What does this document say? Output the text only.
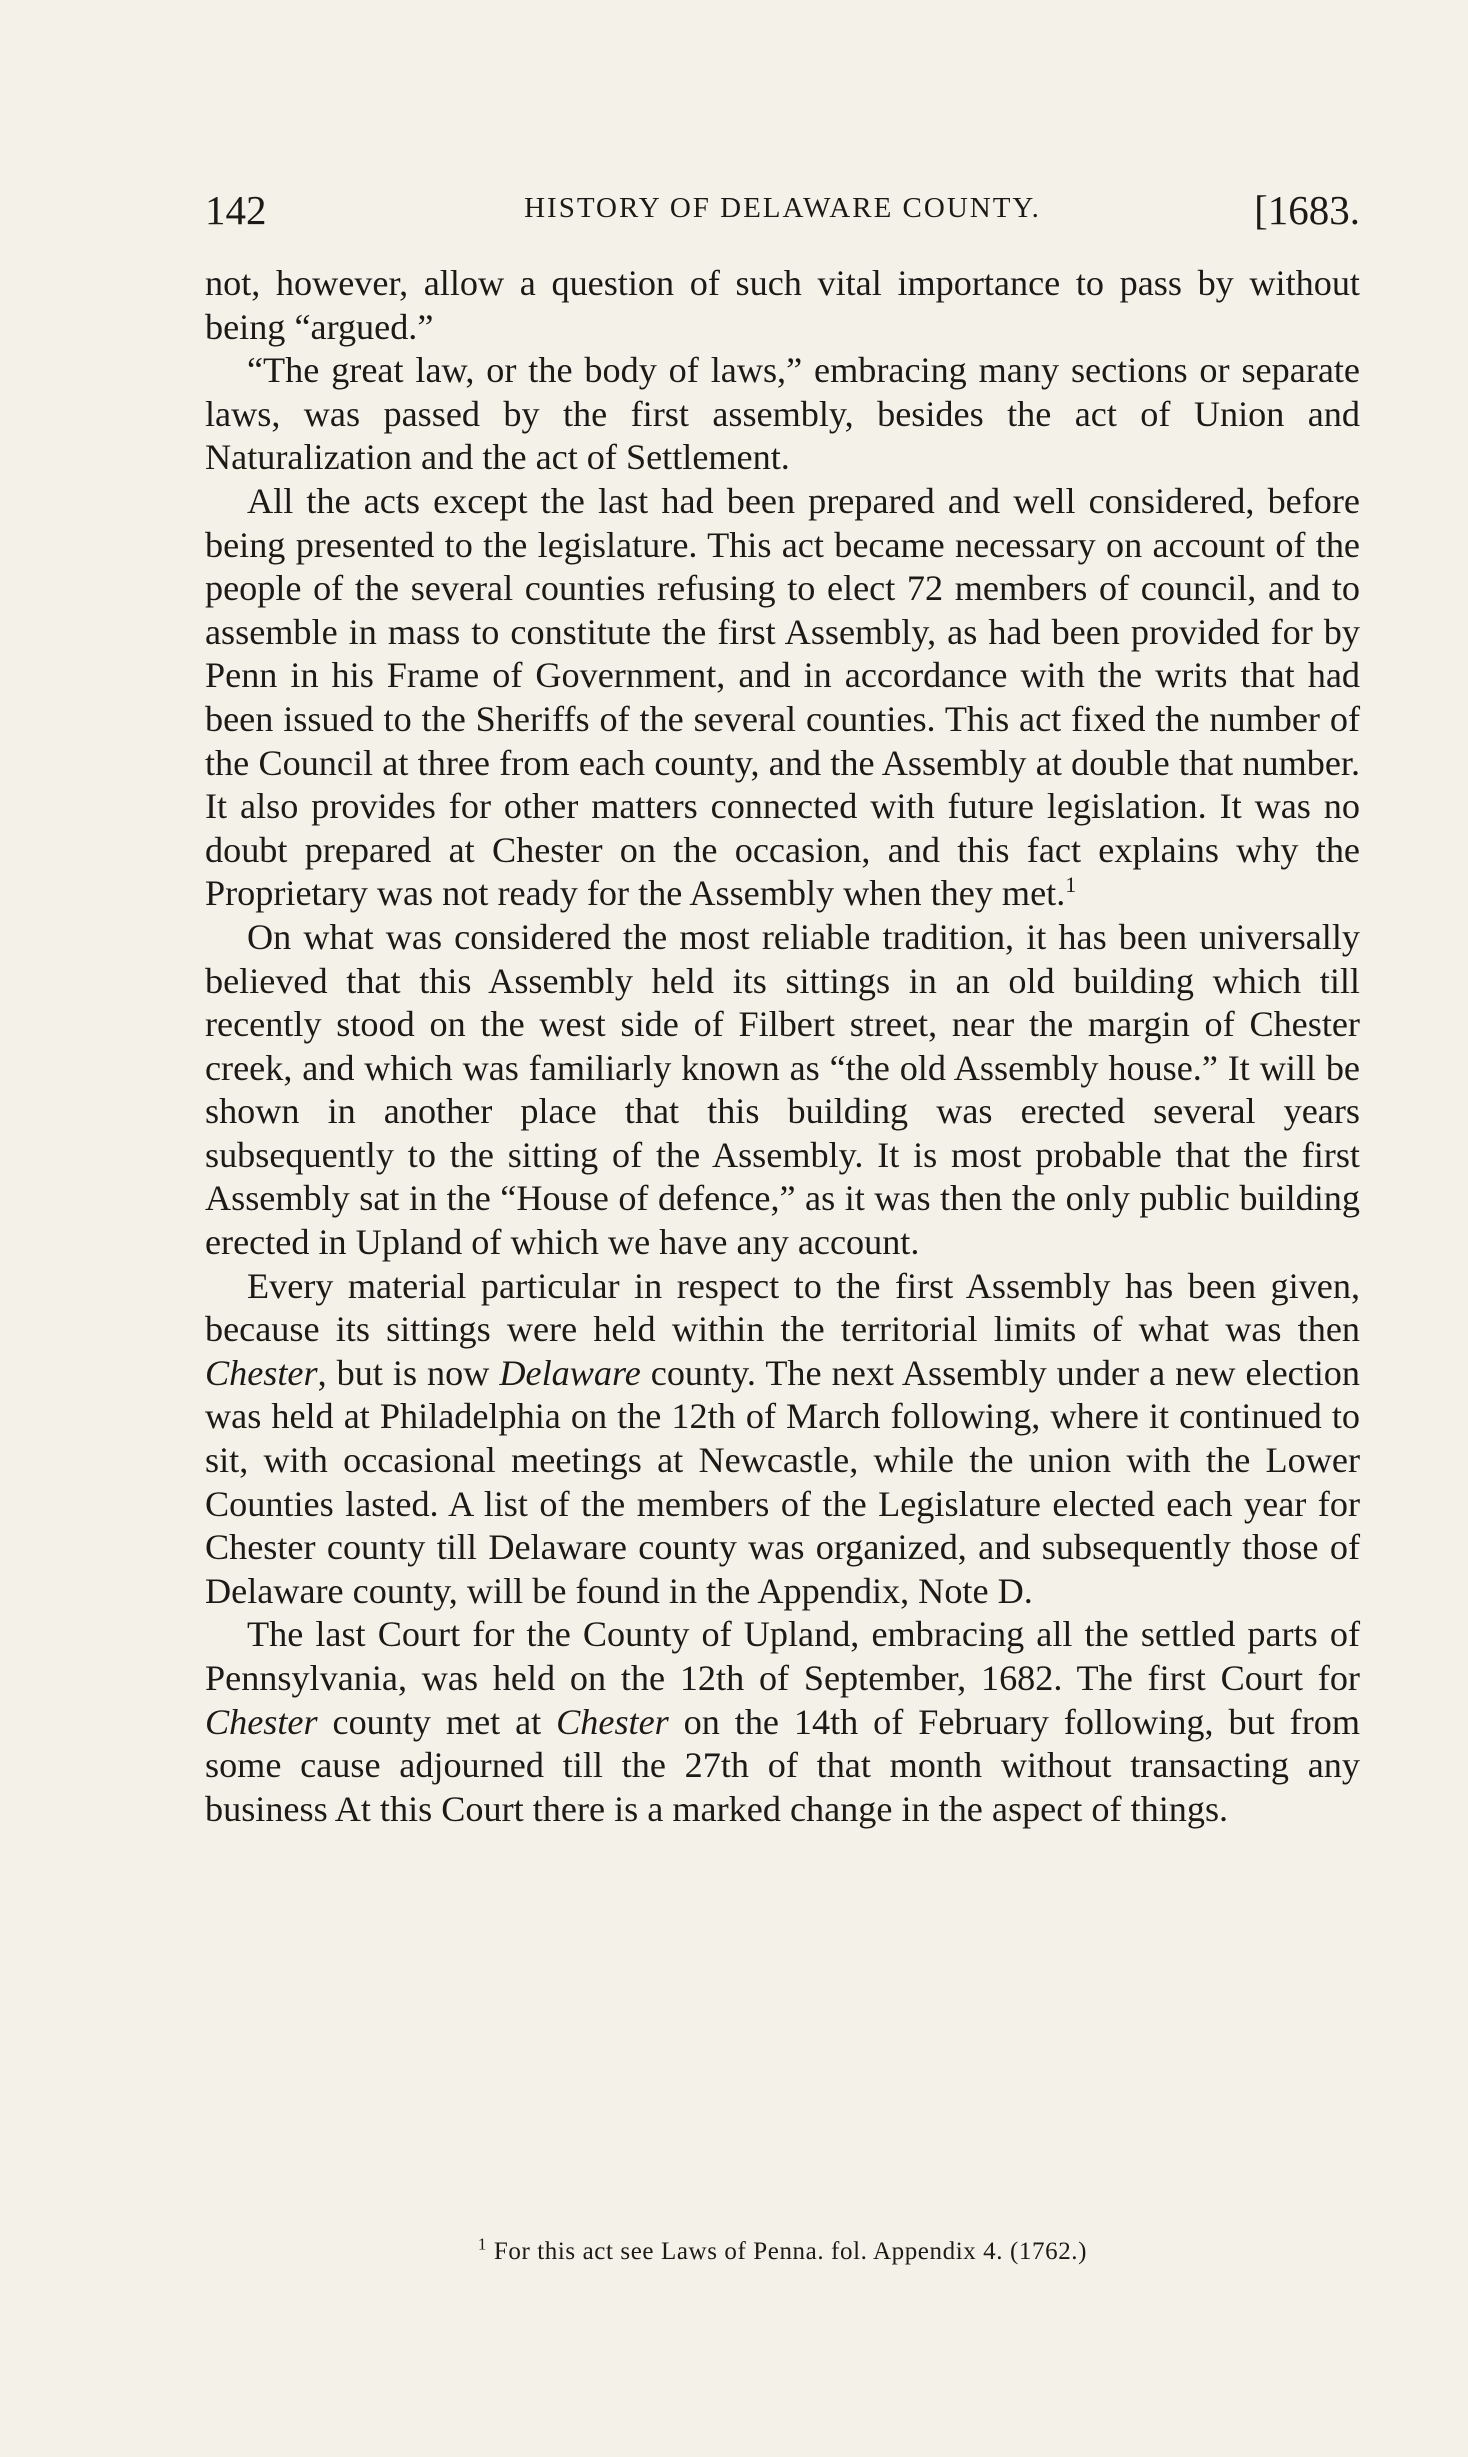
142	HISTORY OF DELAWARE COUNTY.	[1683.

not, however, allow a question of such vital importance to pass by without being “argued.”

“The great law, or the body of laws,” embracing many sections or separate laws, was passed by the first assembly, besides the act of Union and Naturalization and the act of Settlement.

All the acts except the last had been prepared and well considered, before being presented to the legislature. This act became necessary on account of the people of the several counties refusing to elect 72 members of council, and to assemble in mass to constitute the first Assembly, as had been provided for by Penn in his Frame of Government, and in accordance with the writs that had been issued to the Sheriffs of the several counties. This act fixed the number of the Council at three from each county, and the Assembly at double that number. It also provides for other matters connected with future legislation. It was no doubt prepared at Chester on the occasion, and this fact explains why the Proprietary was not ready for the Assembly when they met.$^1$

On what was considered the most reliable tradition, it has been universally believed that this Assembly held its sittings in an old building which till recently stood on the west side of Filbert street, near the margin of Chester creek, and which was familiarly known as “the old Assembly house.” It will be shown in another place that this building was erected several years subsequently to the sitting of the Assembly. It is most probable that the first Assembly sat in the “House of defence,” as it was then the only public building erected in Upland of which we have any account.

Every material particular in respect to the first Assembly has been given, because its sittings were held within the territorial limits of what was then Chester, but is now Delaware county. The next Assembly under a new election was held at Philadelphia on the 12th of March following, where it continued to sit, with occasional meetings at Newcastle, while the union with the Lower Counties lasted. A list of the members of the Legislature elected each year for Chester county till Delaware county was organized, and subsequently those of Delaware county, will be found in the Appendix, Note D.

The last Court for the County of Upland, embracing all the settled parts of Pennsylvania, was held on the 12th of September, 1682. The first Court for Chester county met at Chester on the 14th of February following, but from some cause adjourned till the 27th of that month without transacting any business At this Court there is a marked change in the aspect of things.

$^1$ For this act see Laws of Penna. fol. Appendix 4. (1762.)
